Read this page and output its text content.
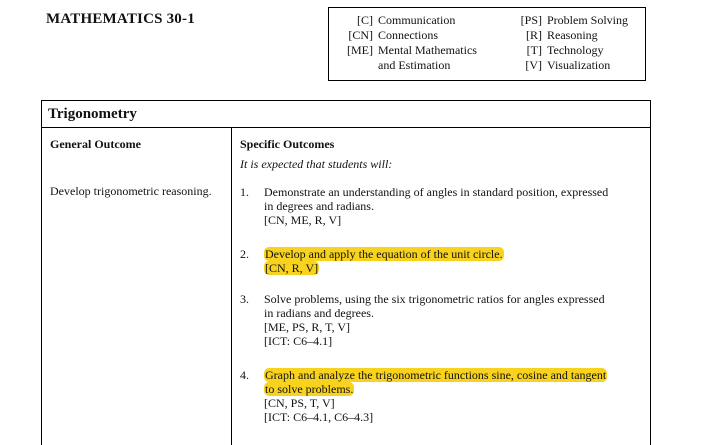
MATHEMATICS 30-1	[C] Communication
[CN] Connections
[ME] Mental Mathematics
and Estimation
[PS] Problem Solving
[R] Reasoning
[T] Technology
[V] Visualization
Trigonometry
General Outcome
Develop trigonometric reasoning.
Specific Outcomes
It is expected that students will:
1. Demonstrate an understanding of angles in standard position, expressed
in degrees and radians.
[CN, ME, R, V]
2. Develop and apply the equation of the unit circle.
[CN, R, V]
3. Solve problems, using the six trigonometric ratios for angles expressed
in radians and degrees.
[ME, PS, R, T, V]
[ICT: C6–4.1]
4. Graph and analyze the trigonometric functions sine, cosine and tangent
to solve problems.
[CN, PS, T, V]
[ICT: C6–4.1, C6–4.3]
